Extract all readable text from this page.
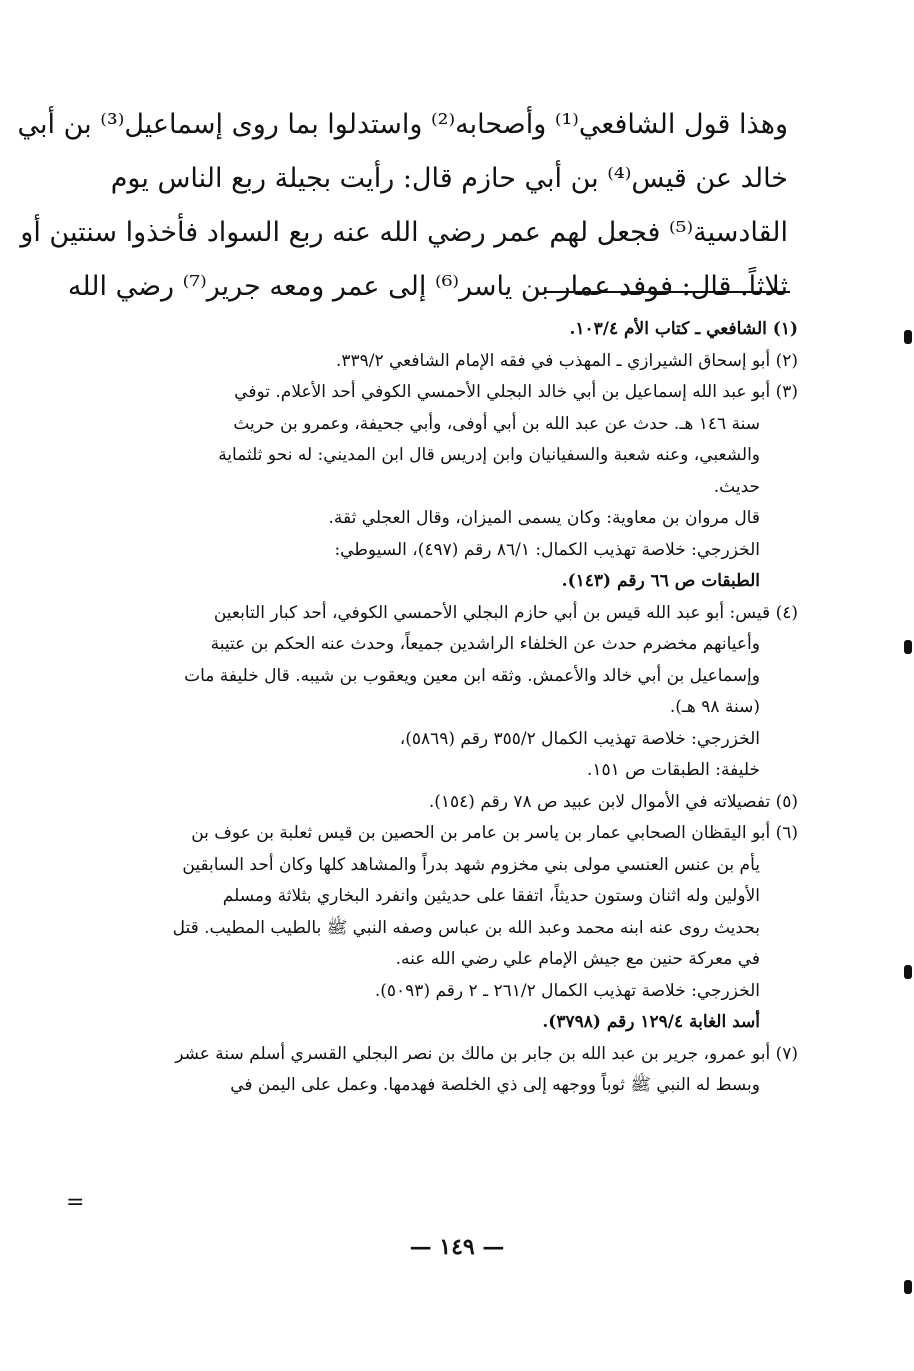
وهذا قول الشافعي⁽¹⁾ وأصحابه⁽²⁾ واستدلوا بما روى إسماعيل⁽³⁾ بن أبي
خالد عن قيس⁽⁴⁾ بن أبي حازم قال: رأيت بجيلة ربع الناس يوم
القادسية⁽⁵⁾ فجعل لهم عمر رضي الله عنه ربع السواد فأخذوا سنتين أو
ثلاثاً. قال: فوفد عمار بن ياسر⁽⁶⁾ إلى عمر ومعه جرير⁽⁷⁾ رضي الله
(١) الشافعي ـ كتاب الأم ١٠٣/٤.
(٢) أبو إسحاق الشيرازي ـ المهذب في فقه الإمام الشافعي ٣٣٩/٢.
(٣) أبو عبد الله إسماعيل بن أبي خالد البجلي الأحمسي الكوفي أحد الأعلام. توفي
سنة ١٤٦ هـ. حدث عن عبد الله بن أبي أوفى، وأبي جحيفة، وعمرو بن حريث
والشعبي، وعنه شعبة والسفيانيان وابن إدريس قال ابن المديني: له نحو ثلثماية
حديث.
قال مروان بن معاوية: وكان يسمى الميزان، وقال العجلي ثقة.
الخزرجي: خلاصة تهذيب الكمال: ٨٦/١ رقم (٤٩٧)، السيوطي:
الطبقات ص ٦٦ رقم (١٤٣).
(٤) قيس: أبو عبد الله قيس بن أبي حازم البجلي الأحمسي الكوفي، أحد كبار التابعين
وأعيانهم مخضرم حدث عن الخلفاء الراشدين جميعاً، وحدث عنه الحكم بن عتيبة
وإسماعيل بن أبي خالد والأعمش. وثقه ابن معين ويعقوب بن شيبه. قال خليفة مات
(سنة ٩٨ هـ).
الخزرجي: خلاصة تهذيب الكمال ٣٥٥/٢ رقم (٥٨٦٩)،
خليفة: الطبقات ص ١٥١.
(٥) تفصيلاته في الأموال لابن عبيد ص ٧٨ رقم (١٥٤).
(٦) أبو اليقظان الصحابي عمار بن ياسر بن عامر بن الحصين بن قيس ثعلبة بن عوف بن
يأم بن عنس العنسي مولى بني مخزوم شهد بدراً والمشاهد كلها وكان أحد السابقين
الأولين وله اثنان وستون حديثاً، اتفقا على حديثين وانفرد البخاري بثلاثة ومسلم
بحديث روى عنه ابنه محمد وعبد الله بن عباس وصفه النبي ﷺ بالطيب المطيب. قتل
في معركة حنين مع جيش الإمام علي رضي الله عنه.
الخزرجي: خلاصة تهذيب الكمال ٢٦١/٢ ـ ٢ رقم (٥٠٩٣).
أسد الغابة ١٢٩/٤ رقم (٣٧٩٨).
(٧) أبو عمرو، جرير بن عبد الله بن جابر بن مالك بن نصر البجلي القسري أسلم سنة عشر
وبسط له النبي ﷺ ثوباً ووجهه إلى ذي الخلصة فهدمها. وعمل على اليمن في
=
— ١٤٩ —
